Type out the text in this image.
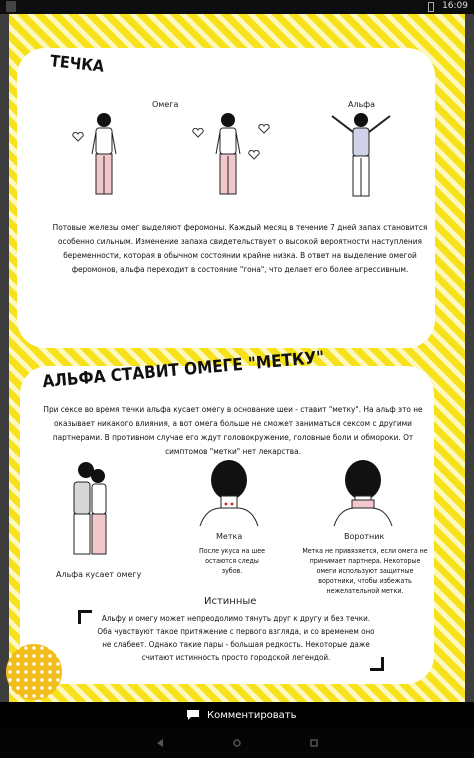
16:09
ТЕЧКА
Омега	Альфа
Потовые железы омег выделяют феромоны. Каждый месяц в течение 7 дней запах становится особенно сильным. Изменение запаха свидетельствует о высокой вероятности наступления беременности, которая в обычном состоянии крайне низка. В ответ на выделение омегой феромонов, альфа переходит в состояние "гона", что делает его более агрессивным.
АЛЬФА СТАВИТ ОМЕГЕ "МЕТКУ"
При сексе во время течки альфа кусает омегу в основание шеи - ставит "метку". На альф это не оказывает никакого влияния, а вот омега больше не сможет заниматься сексом с другими партнерами. В противном случае его ждут головокружение, головные боли и обмороки. От симптомов "метки" нет лекарства.
Альфа кусает омегу
Метка
После укуса на шее остаются следы зубов.
Воротник
Метка не привязяется, если омега не принимает партнера. Некоторые омеги используют защитные воротники, чтобы избежать нежелательной метки.
Истинные
Альфу и омегу может непреодолимо тянуть друг к другу и без течки. Оба чувствуют такое притяжение с первого взгляда, и со временем оно не слабеет. Однако такие пары - большая редкость. Некоторые даже считают истинность просто городской легендой.
Комментировать
